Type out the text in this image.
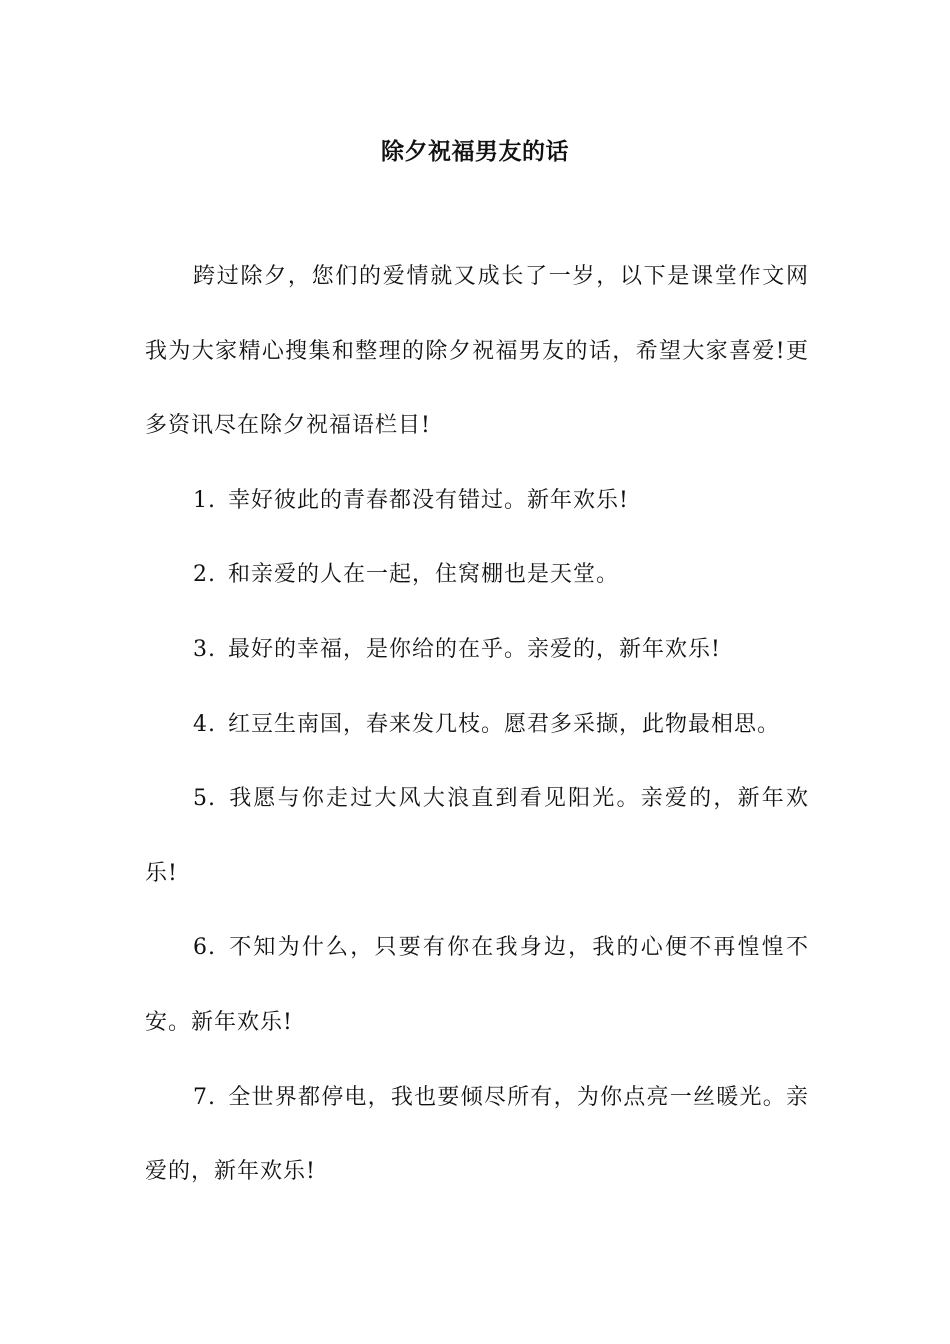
除夕祝福男友的话

跨过除夕，您们的爱情就又成长了一岁，以下是课堂作文网我为大家精心搜集和整理的除夕祝福男友的话，希望大家喜爱!更多资讯尽在除夕祝福语栏目!

1. 幸好彼此的青春都没有错过。新年欢乐!

2. 和亲爱的人在一起，住窝棚也是天堂。

3. 最好的幸福，是你给的在乎。亲爱的，新年欢乐!

4. 红豆生南国，春来发几枝。愿君多采撷，此物最相思。

5. 我愿与你走过大风大浪直到看见阳光。亲爱的，新年欢乐!

6. 不知为什么，只要有你在我身边，我的心便不再惶惶不安。新年欢乐!

7. 全世界都停电，我也要倾尽所有，为你点亮一丝暖光。亲爱的，新年欢乐!
